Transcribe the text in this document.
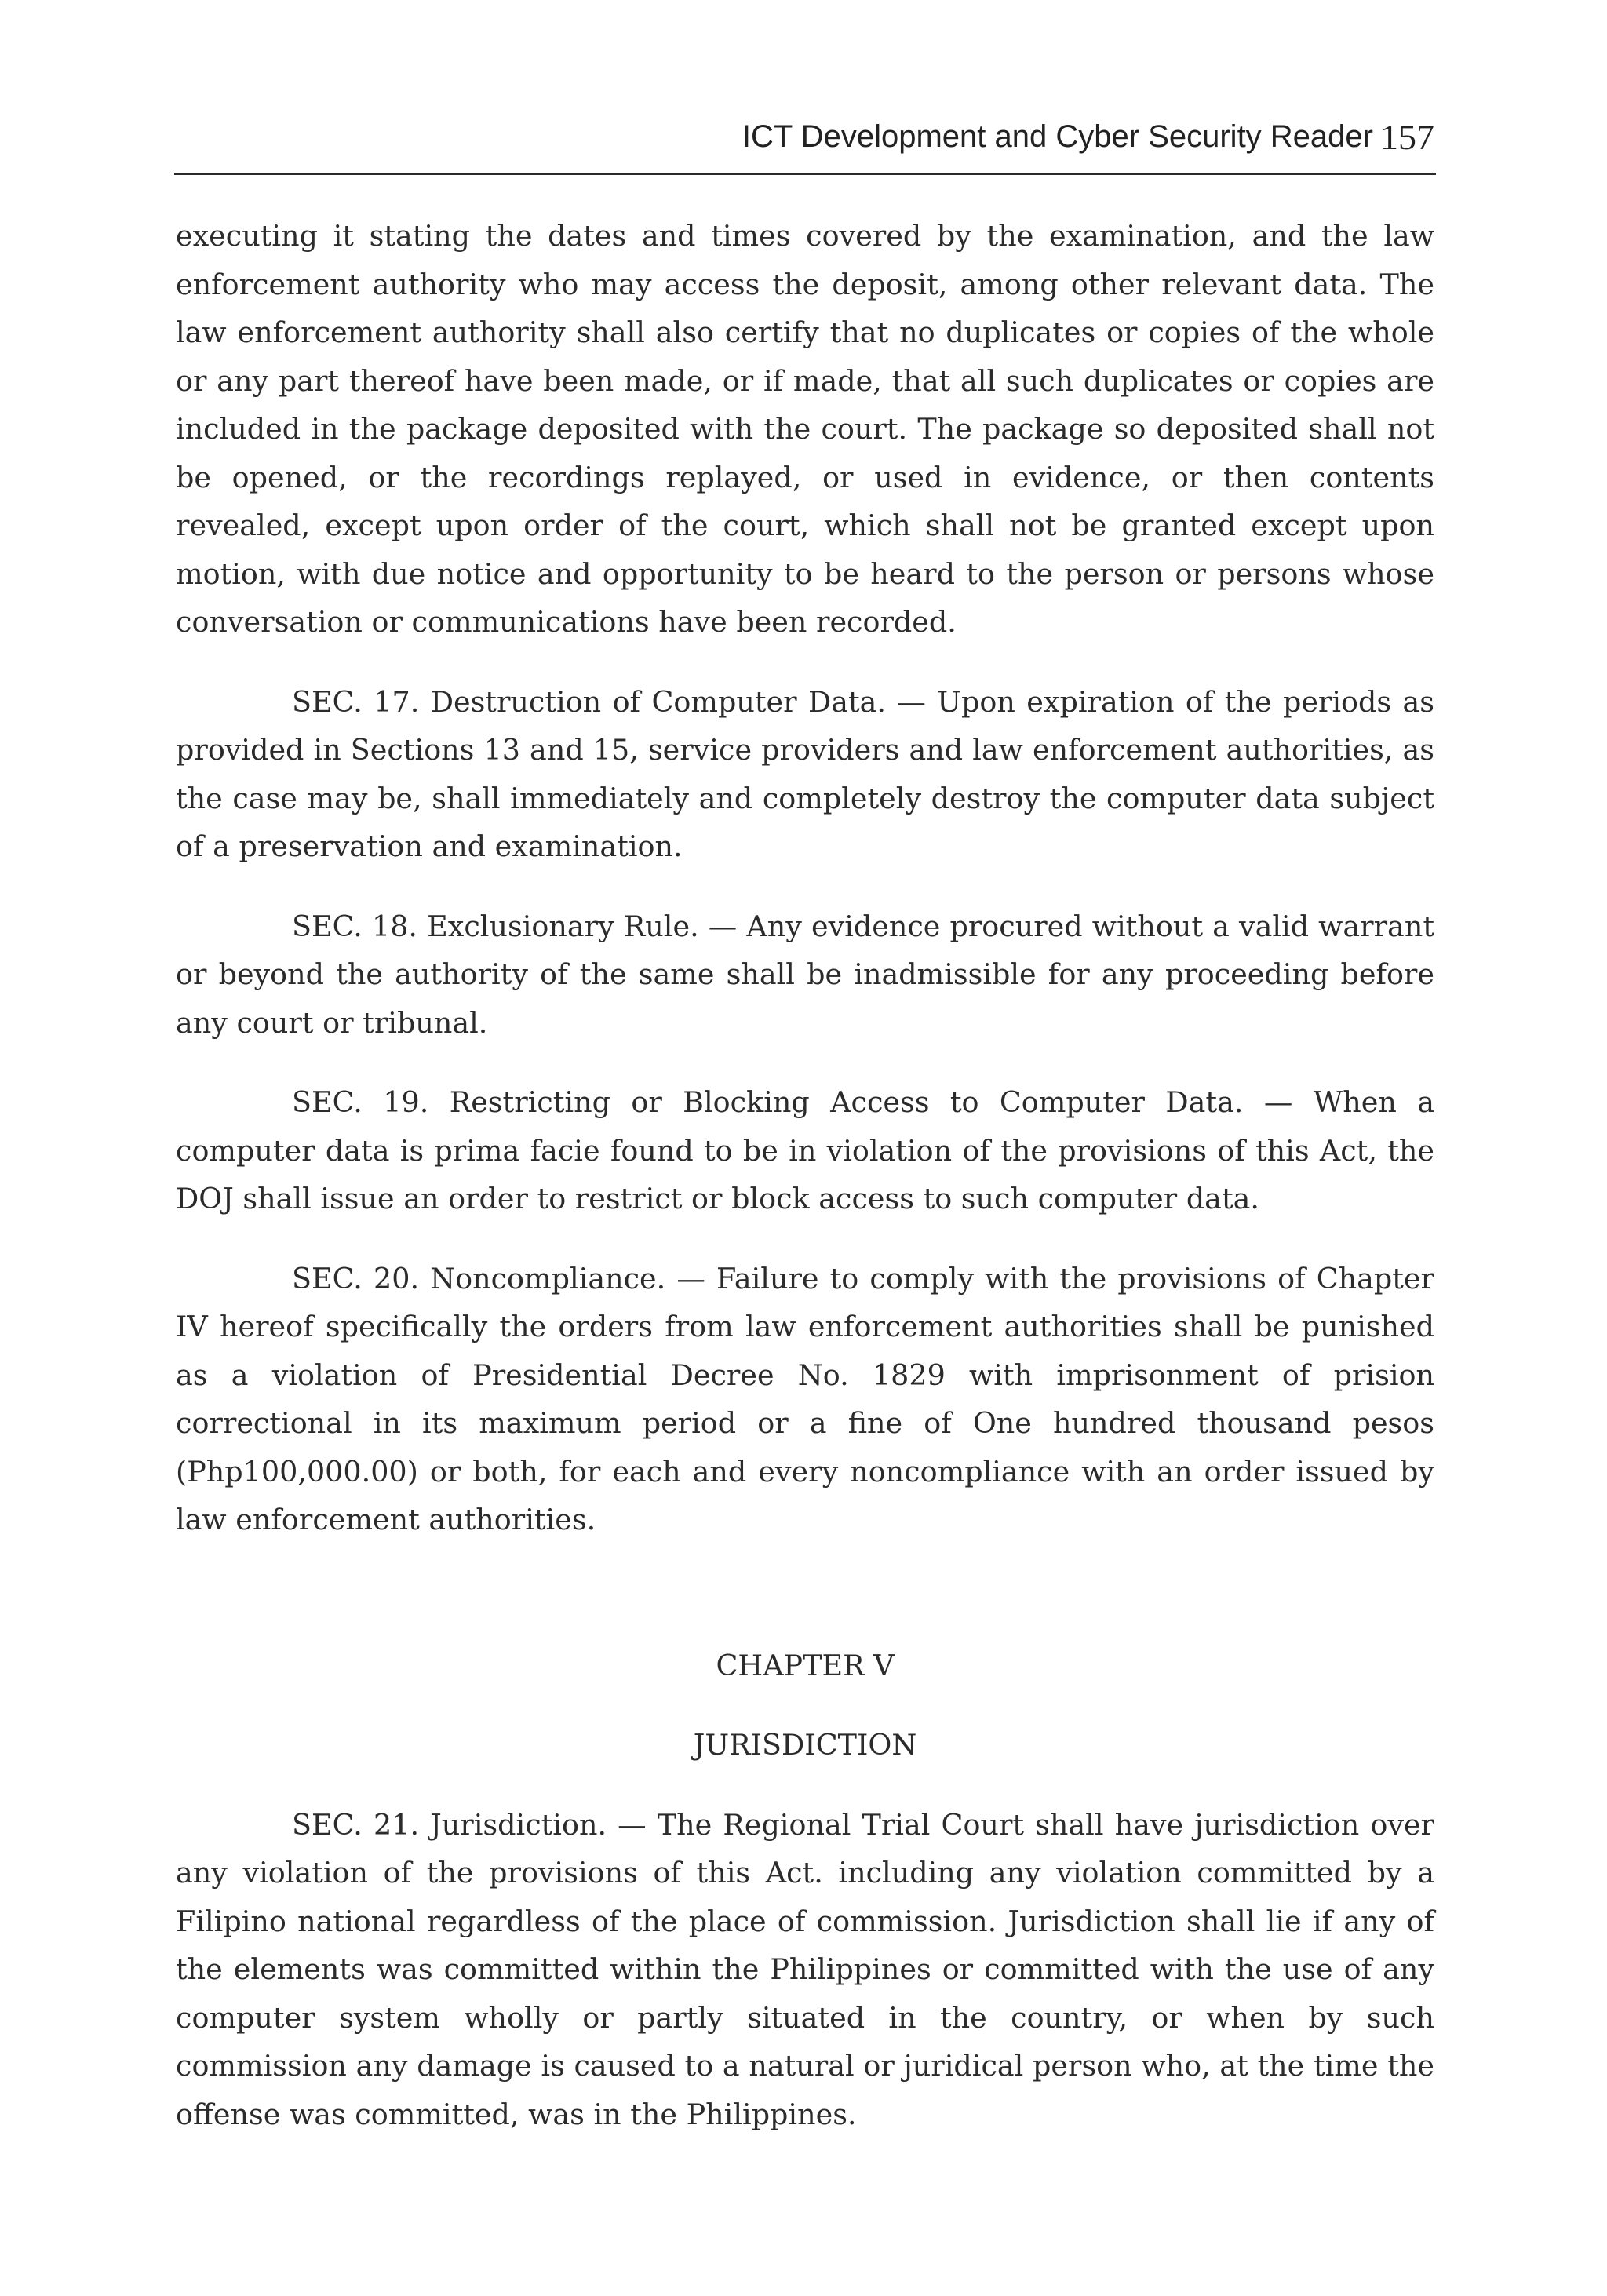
ICT Development and Cyber Security Reader 157

executing it stating the dates and times covered by the examination, and the law enforcement authority who may access the deposit, among other relevant data. The law enforcement authority shall also certify that no duplicates or copies of the whole or any part thereof have been made, or if made, that all such duplicates or copies are included in the package deposited with the court. The package so deposited shall not be opened, or the recordings replayed, or used in evidence, or then contents revealed, except upon order of the court, which shall not be granted except upon motion, with due notice and opportunity to be heard to the person or persons whose conversation or communications have been recorded.

SEC. 17. Destruction of Computer Data. — Upon expiration of the periods as provided in Sections 13 and 15, service providers and law enforcement authorities, as the case may be, shall immediately and completely destroy the computer data subject of a preservation and examination.

SEC. 18. Exclusionary Rule. — Any evidence procured without a valid warrant or beyond the authority of the same shall be inadmissible for any proceeding before any court or tribunal.

SEC. 19. Restricting or Blocking Access to Computer Data. — When a computer data is prima facie found to be in violation of the provisions of this Act, the DOJ shall issue an order to restrict or block access to such computer data.

SEC. 20. Noncompliance. — Failure to comply with the provisions of Chapter IV hereof specifically the orders from law enforcement authorities shall be punished as a violation of Presidential Decree No. 1829 with imprisonment of prision correctional in its maximum period or a fine of One hundred thousand pesos (Php100,000.00) or both, for each and every noncompliance with an order issued by law enforcement authorities.

CHAPTER V

JURISDICTION

SEC. 21. Jurisdiction. — The Regional Trial Court shall have jurisdiction over any violation of the provisions of this Act. including any violation committed by a Filipino national regardless of the place of commission. Jurisdiction shall lie if any of the elements was committed within the Philippines or committed with the use of any computer system wholly or partly situated in the country, or when by such commission any damage is caused to a natural or juridical person who, at the time the offense was committed, was in the Philippines.
